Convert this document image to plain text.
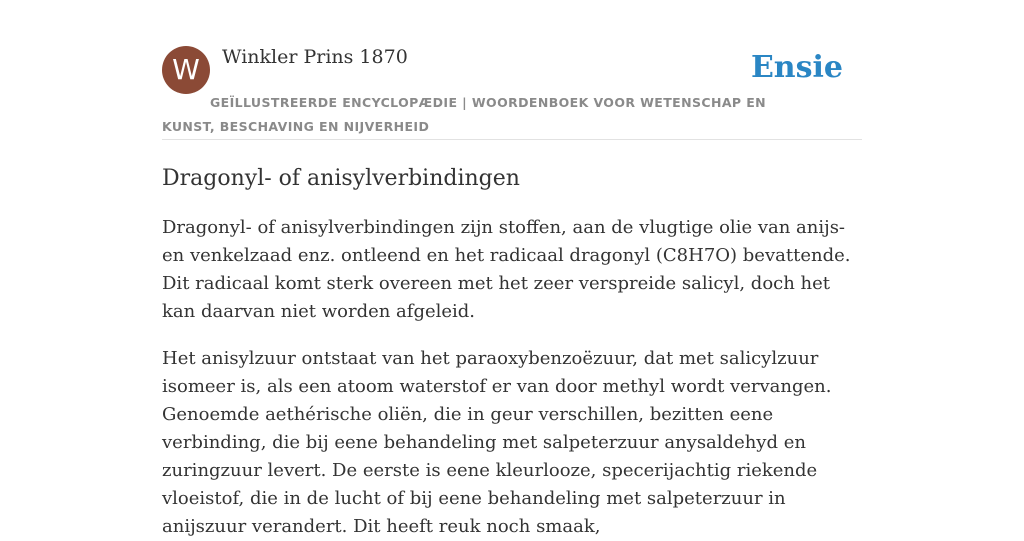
W	Winkler Prins 1870	Ensie
GEÏLLUSTREERDE ENCYCLOPÆDIE | WOORDENBOEK VOOR WETENSCHAP EN KUNST, BESCHAVING EN NIJVERHEID
Dragonyl- of anisylverbindingen

Dragonyl- of anisylverbindingen zijn stoffen, aan de vlugtige olie van anijs- en venkelzaad enz. ontleend en het radicaal dragonyl (C8H7O) bevattende. Dit radicaal komt sterk overeen met het zeer verspreide salicyl, doch het kan daarvan niet worden afgeleid.

Het anisylzuur ontstaat van het paraoxybenzoëzuur, dat met salicylzuur isomeer is, als een atoom waterstof er van door methyl wordt vervangen. Genoemde aethérische oliën, die in geur verschillen, bezitten eene verbinding, die bij eene behandeling met salpeterzuur anysaldehyd en zuringzuur levert. De eerste is eene kleurlooze, specerijachtig riekende vloeistof, die in de lucht of bij eene behandeling met salpeterzuur in anijszuur verandert. Dit heeft reuk noch smaak,
